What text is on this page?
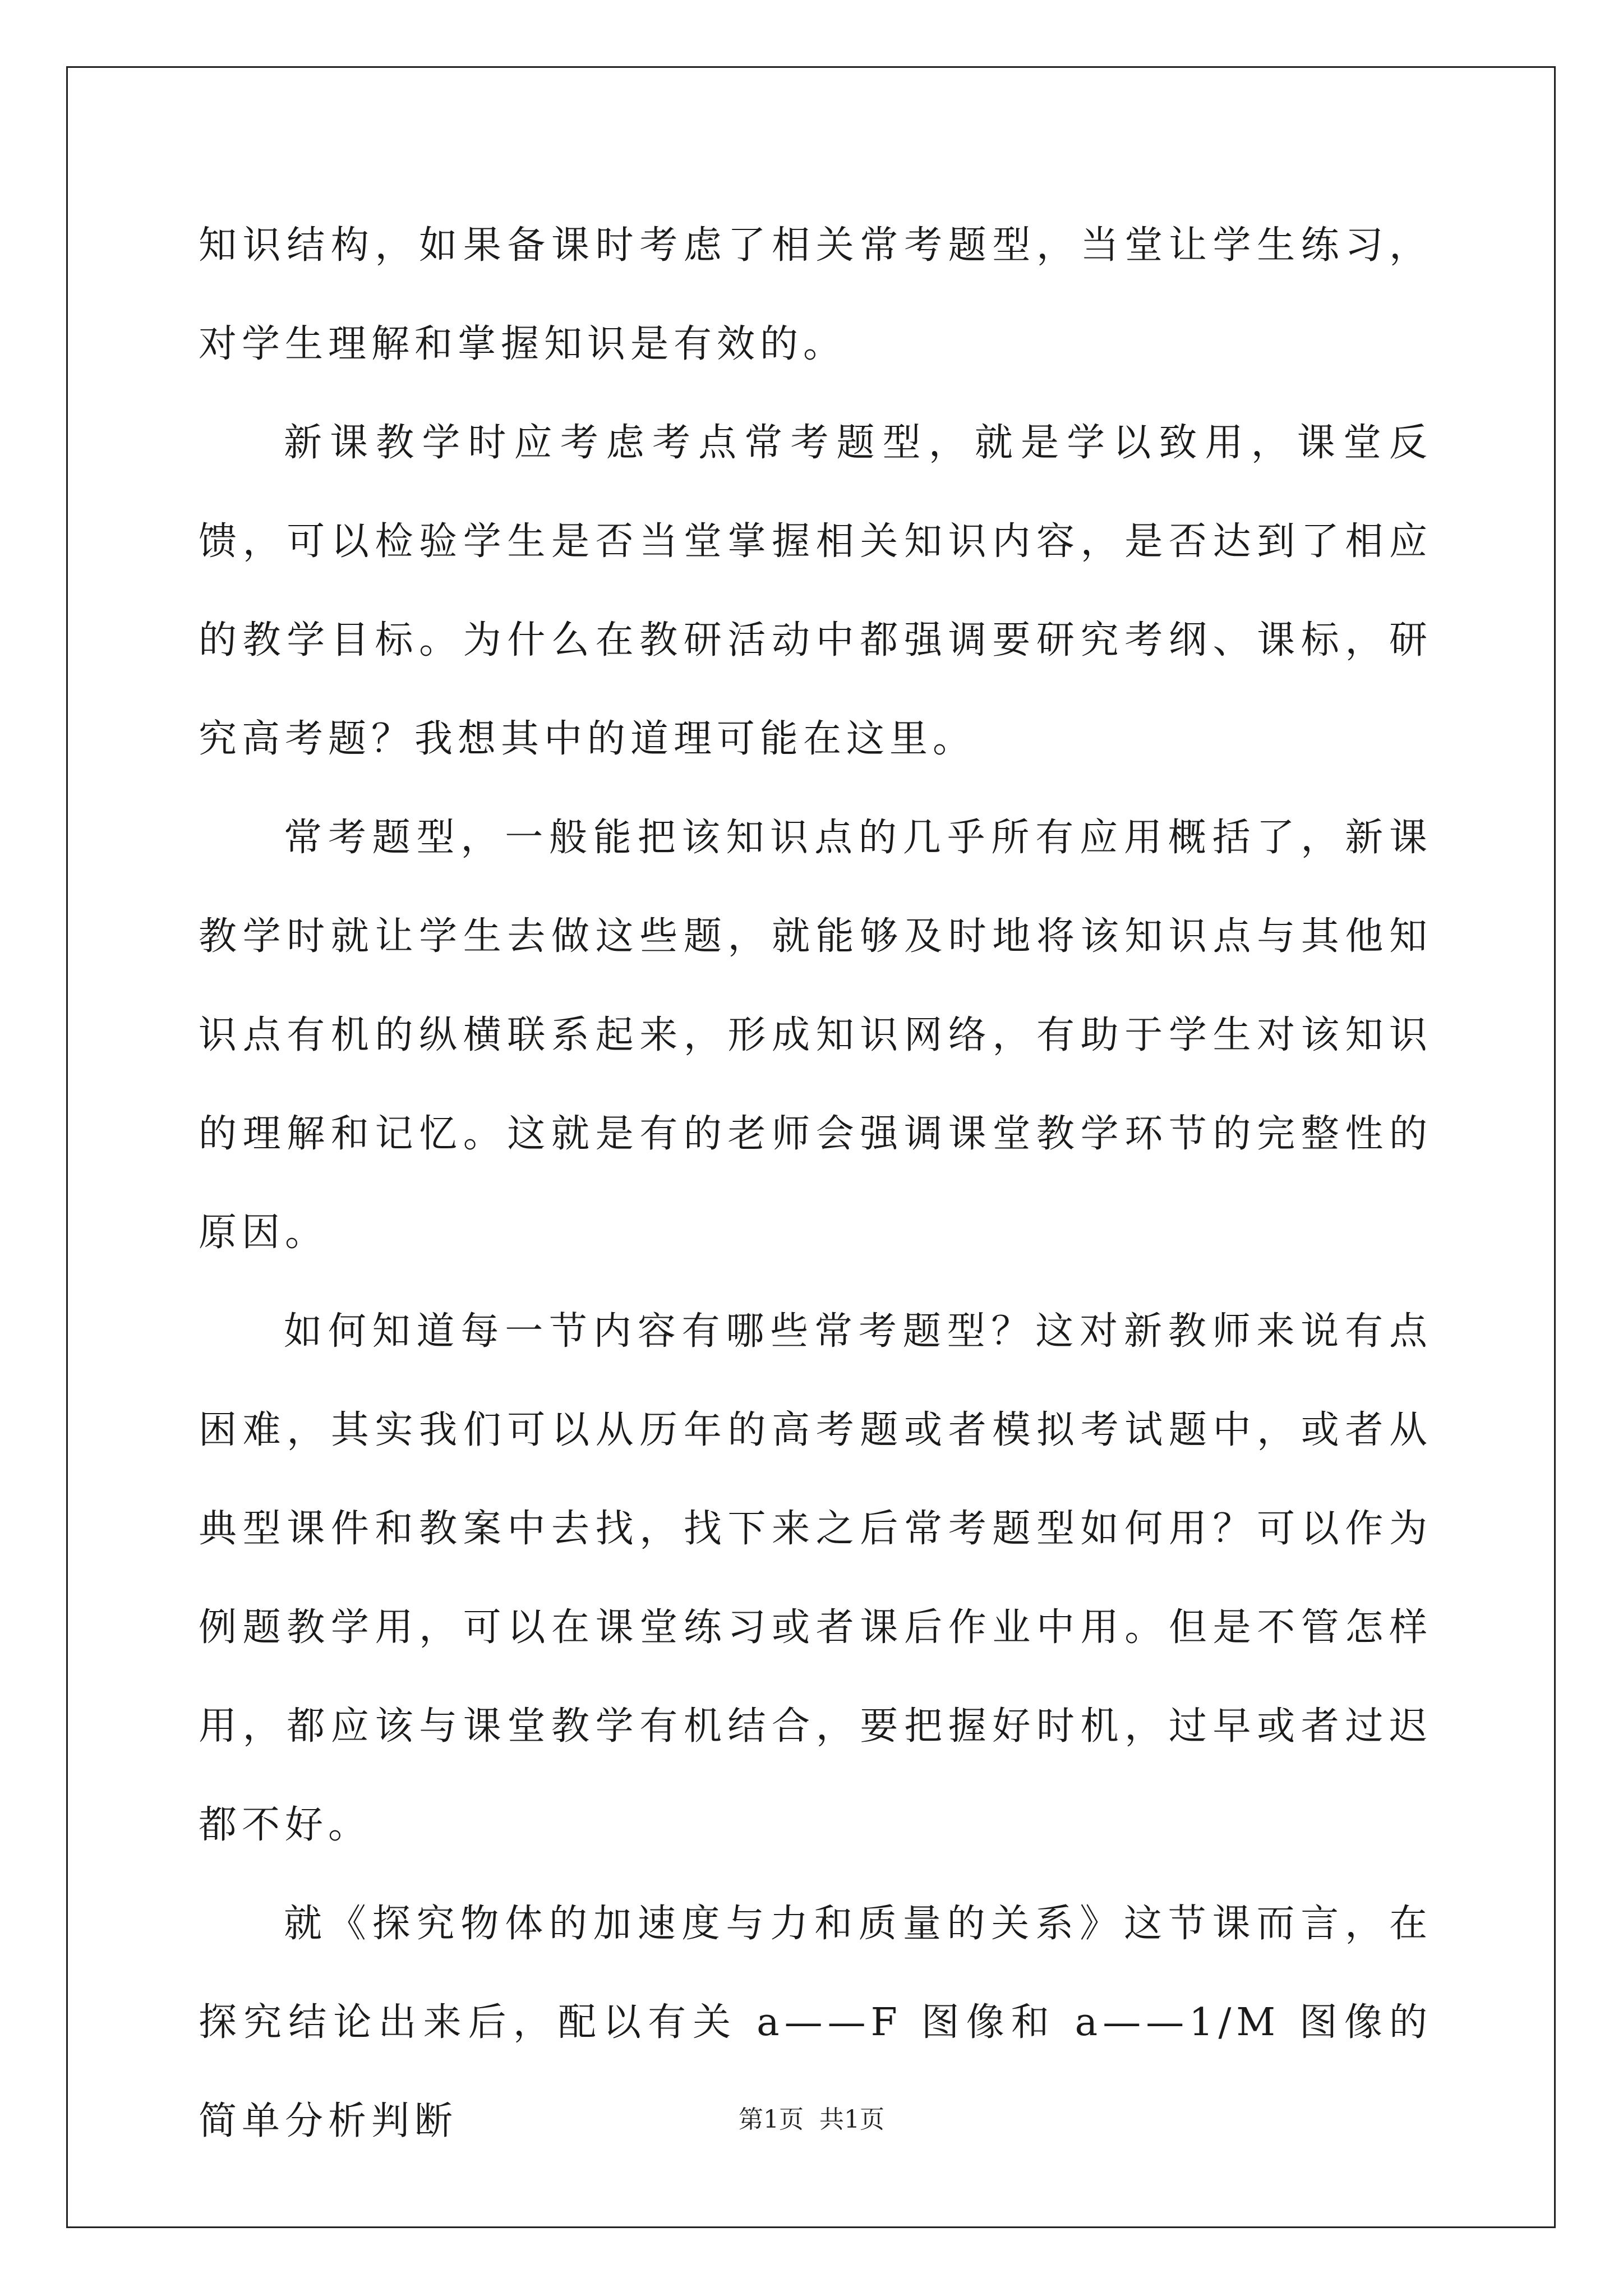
知识结构，如果备课时考虑了相关常考题型，当堂让学生练习，对学生理解和掌握知识是有效的。

新课教学时应考虑考点常考题型，就是学以致用，课堂反馈，可以检验学生是否当堂掌握相关知识内容，是否达到了相应的教学目标。为什么在教研活动中都强调要研究考纲、课标，研究高考题？我想其中的道理可能在这里。

常考题型，一般能把该知识点的几乎所有应用概括了，新课教学时就让学生去做这些题，就能够及时地将该知识点与其他知识点有机的纵横联系起来，形成知识网络，有助于学生对该知识的理解和记忆。这就是有的老师会强调课堂教学环节的完整性的原因。

如何知道每一节内容有哪些常考题型？这对新教师来说有点困难，其实我们可以从历年的高考题或者模拟考试题中，或者从典型课件和教案中去找，找下来之后常考题型如何用？可以作为例题教学用，可以在课堂练习或者课后作业中用。但是不管怎样用，都应该与课堂教学有机结合，要把握好时机，过早或者过迟都不好。

就《探究物体的加速度与力和质量的关系》这节课而言，在探究结论出来后，配以有关 a——F 图像和 a——1/M 图像的简单分析判断	第1页  共1页
